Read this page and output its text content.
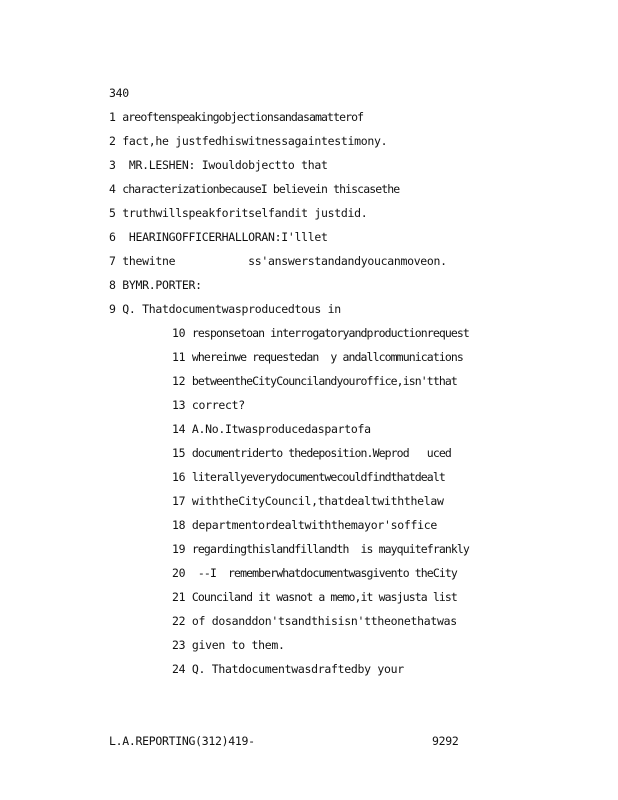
340
1 areoftenspeakingobjectionsandasamatterof
2 fact,he justfedhiswitnessagaintestimony.
3  MR.LESHEN: Iwouldobjectto that
4 characterizationbecauseI believein thiscasethe
5 truthwillspeakforitselfandit justdid.
6  HEARINGOFFICERHALLORAN:I'lllet
7 thewitne           ss'answerstandandyoucanmoveon.
8 BYMR.PORTER:
9 Q. Thatdocumentwasproducedtous in
10 responsetoan interrogatoryandproductionrequest
11 whereinwe requestedan  y andallcommunications
12 betweentheCityCouncilandyouroffice,isn'tthat
13 correct?
14 A.No.Itwasproducedaspartofa
15 documentriderto thedeposition.Weprod   uced
16 literallyeverydocumentwecouldfindthatdealt
17 withtheCityCouncil,thatdealtwiththelaw
18 departmentordealtwiththemayor'soffice
19 regardingthislandfillandth  is mayquitefrankly
20  --I  rememberwhatdocumentwasgivento theCity
21 Counciland it wasnot a memo,it wasjusta list
22 of dosanddon'tsandthisisn'ttheonethatwas
23 given to them.
24 Q. Thatdocumentwasdraftedby your
L.A.REPORTING(312)419-	9292
